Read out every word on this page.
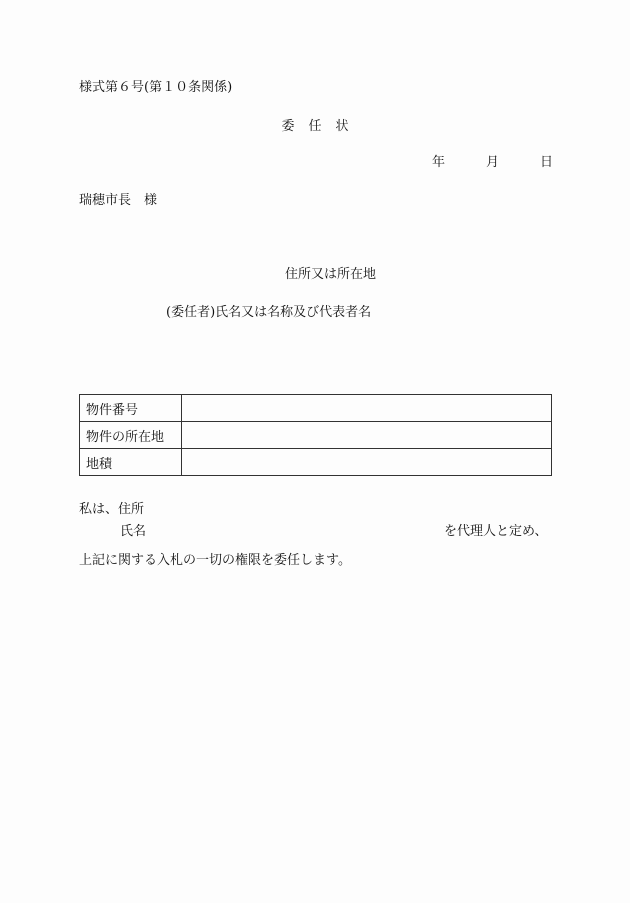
様式第６号(第１０条関係)
委任状
年	月	日
瑞穂市長　様
住所又は所在地
(委任者)氏名又は名称及び代表者名
物件番号	
物件の所在地	
地積	
私は、住所
氏名	を代理人と定め、
上記に関する入札の一切の権限を委任します。
